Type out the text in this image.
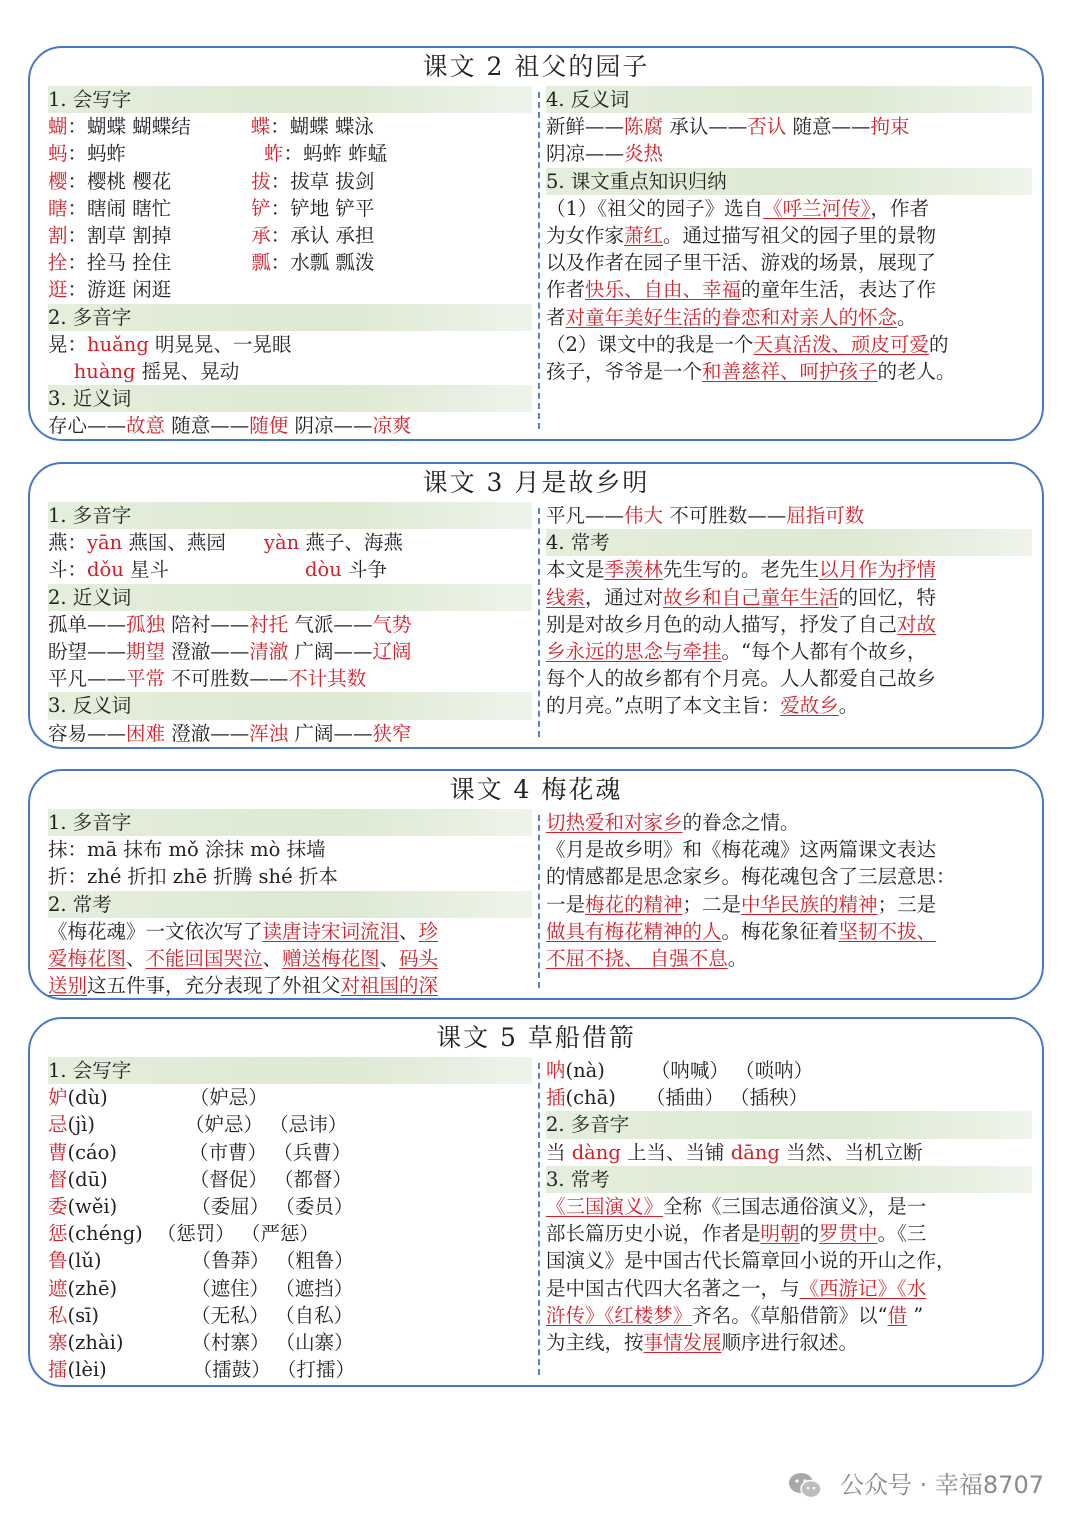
课文 2 祖父的园子
1. 会写字
蝴：蝴蝶 蝴蝶结	蝶：蝴蝶 蝶泳
蚂：蚂蚱	蚱：蚂蚱 蚱蜢
樱：樱桃 樱花	拔：拔草 拔剑
瞎：瞎闹 瞎忙	铲：铲地 铲平
割：割草 割掉	承：承认 承担
拴：拴马 拴住	瓢：水瓢 瓢泼
逛：游逛 闲逛
2. 多音字
晃：huǎng 明晃晃、一晃眼
　 huàng 摇晃、晃动
3. 近义词
存心——故意 随意——随便 阴凉——凉爽
4. 反义词
新鲜——陈腐 承认——否认 随意——拘束
阴凉——炎热
5. 课文重点知识归纳
（1）《祖父的园子》选自《呼兰河传》，作者
为女作家萧红。通过描写祖父的园子里的景物
以及作者在园子里干活、游戏的场景，展现了
作者快乐、自由、幸福的童年生活，表达了作
者对童年美好生活的眷恋和对亲人的怀念。
（2）课文中的我是一个天真活泼、顽皮可爱的
孩子，爷爷是一个和善慈祥、呵护孩子的老人。
课文 3 月是故乡明
1. 多音字
燕：yān 燕国、燕园 yàn 燕子、海燕
斗：dǒu 星斗	dòu 斗争
2. 近义词
孤单——孤独 陪衬——衬托 气派——气势
盼望——期望 澄澈——清澈 广阔——辽阔
平凡——平常 不可胜数——不计其数
3. 反义词
容易——困难 澄澈——浑浊 广阔——狭窄
平凡——伟大 不可胜数——屈指可数
4. 常考
本文是季羡林先生写的。老先生以月作为抒情
线索，通过对故乡和自己童年生活的回忆，特
别是对故乡月色的动人描写，抒发了自己对故
乡永远的思念与牵挂。“每个人都有个故乡，
每个人的故乡都有个月亮。人人都爱自己故乡
的月亮。”点明了本文主旨：爱故乡。
课文 4 梅花魂
1. 多音字
抹：mā 抹布 mǒ 涂抹 mò 抹墙
折：zhé 折扣 zhē 折腾 shé 折本
2. 常考
《梅花魂》一文依次写了读唐诗宋词流泪、珍
爱梅花图、不能回国哭泣、赠送梅花图、码头
送别这五件事，充分表现了外祖父对祖国的深
切热爱和对家乡的眷念之情。
《月是故乡明》和《梅花魂》这两篇课文表达
的情感都是思念家乡。梅花魂包含了三层意思：
一是梅花的精神；二是中华民族的精神；三是
做具有梅花精神的人。梅花象征着坚韧不拔、
不屈不挠、 自强不息。
课文 5 草船借箭
1. 会写字
妒(dù)	（妒忌）
忌(jì)	（妒忌） （忌讳）
曹(cáo)	（市曹） （兵曹）
督(dū)	（督促） （都督）
委(wěi)	（委屈） （委员）
惩(chéng) （惩罚） （严惩）
鲁(lǔ)	（鲁莽） （粗鲁）
遮(zhē)	（遮住） （遮挡）
私(sī)	（无私） （自私）
寨(zhài)	（村寨） （山寨）
擂(lèi)	（擂鼓） （打擂）
呐(nà) （呐喊） （唢呐）
插(chā) （插曲） （插秧）
2. 多音字
当 dàng 上当、当铺 dāng 当然、当机立断
3. 常考
《三国演义》全称《三国志通俗演义》，是一
部长篇历史小说，作者是明朝的罗贯中。《三
国演义》是中国古代长篇章回小说的开山之作，
是中国古代四大名著之一，与《西游记》《水
浒传》《红楼梦》齐名。《草船借箭》以“借 ”
为主线，按事情发展顺序进行叙述。
公众号 · 幸福8707
